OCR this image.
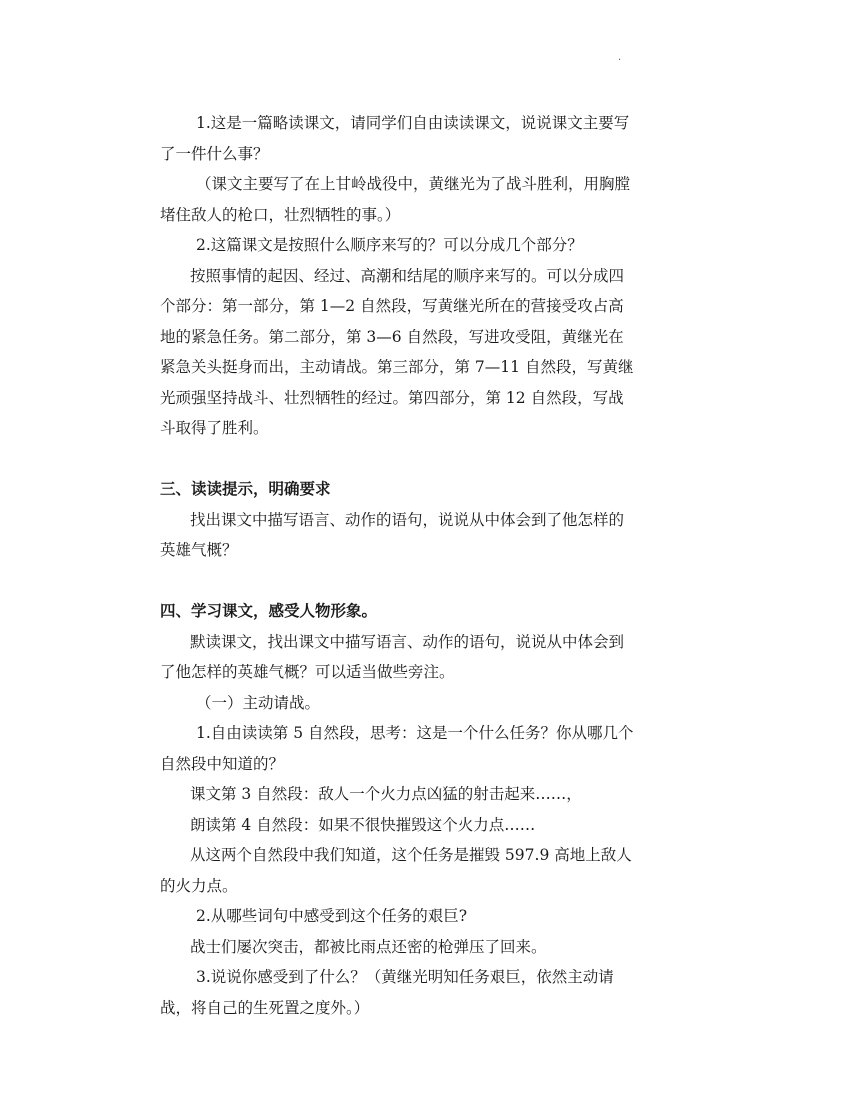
.
1.这是一篇略读课文，请同学们自由读读课文，说说课文主要写
了一件什么事？
（课文主要写了在上甘岭战役中，黄继光为了战斗胜利，用胸膛
堵住敌人的枪口，壮烈牺牲的事。）
2.这篇课文是按照什么顺序来写的？可以分成几个部分？
按照事情的起因、经过、高潮和结尾的顺序来写的。可以分成四
个部分：第一部分，第 1—2 自然段，写黄继光所在的营接受攻占高
地的紧急任务。第二部分，第 3—6 自然段，写进攻受阻，黄继光在
紧急关头挺身而出，主动请战。第三部分，第 7—11 自然段，写黄继
光顽强坚持战斗、壮烈牺牲的经过。第四部分，第 12 自然段，写战
斗取得了胜利。
三、读读提示，明确要求
找出课文中描写语言、动作的语句，说说从中体会到了他怎样的
英雄气概？
四、学习课文，感受人物形象。
默读课文，找出课文中描写语言、动作的语句，说说从中体会到
了他怎样的英雄气概？可以适当做些旁注。
（一）主动请战。
1.自由读读第 5 自然段，思考：这是一个什么任务？你从哪几个
自然段中知道的？
课文第 3 自然段：敌人一个火力点凶猛的射击起来……，
朗读第 4 自然段：如果不很快摧毁这个火力点……
从这两个自然段中我们知道，这个任务是摧毁 597.9 高地上敌人
的火力点。
2.从哪些词句中感受到这个任务的艰巨?
战士们屡次突击，都被比雨点还密的枪弹压了回来。
3.说说你感受到了什么？（黄继光明知任务艰巨，依然主动请
战，将自己的生死置之度外。）
